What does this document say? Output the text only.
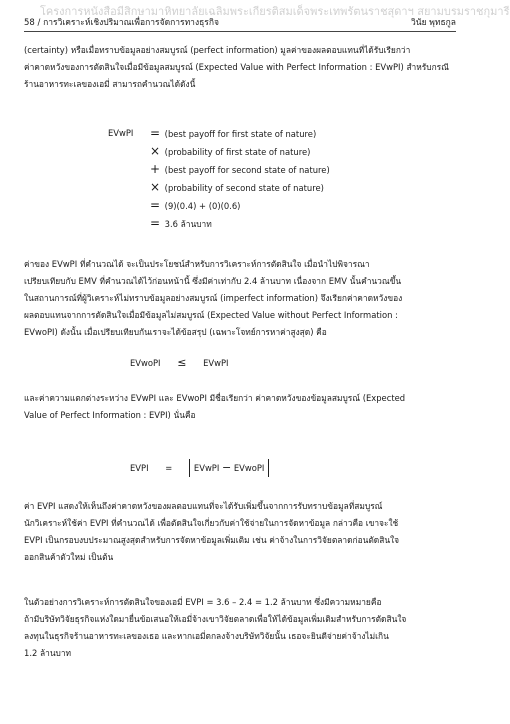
โครงการหนังสือมีสิกษามาหิทยาลัยเฉลิมพระเกียรติสมเด็จพระเทพรัตนราชสุดาฯ สยามบรมราชกุมารี
58 / การวิเคราะห์เชิงปริมาณเพื่อการจัดการทางธุรกิจ	วินัย พุทธกูล
(certainty) หรือเมื่อทราบข้อมูลอย่างสมบูรณ์ (perfect information) มูลค่าของผลตอบแทนที่ได้รับเรียกว่า
ค่าคาดหวังของการตัดสินใจเมื่อมีข้อมูลสมบูรณ์ (Expected Value with Perfect Information : EVwPI) สำหรับกรณี
ร้านอาหารทะเลของเอมี่ สามารถคำนวณได้ดังนี้
EVwPI = (best payoff for first state of nature)
× (probability of first state of nature)
+ (best payoff for second state of nature)
× (probability of second state of nature)
= (9)(0.4) + (0)(0.6)
= 3.6 ล้านบาท
ค่าของ EVwPI ที่คำนวณได้ จะเป็นประโยชน์สำหรับการวิเคราะห์การตัดสินใจ เมื่อนำไปพิจารณา
เปรียบเทียบกับ EMV ที่คำนวณได้ไว้ก่อนหน้านี้ ซึ่งมีค่าเท่ากับ 2.4 ล้านบาท เนื่องจาก EMV นั้นคำนวณขึ้น
ในสถานการณ์ที่ผู้วิเคราะห์ไม่ทราบข้อมูลอย่างสมบูรณ์ (imperfect information) จึงเรียกค่าคาดหวังของ
ผลตอบแทนจากการตัดสินใจเมื่อมีข้อมูลไม่สมบูรณ์ (Expected Value without Perfect Information :
EVwoPI) ดังนั้น เมื่อเปรียบเทียบกันเราจะได้ข้อสรุป (เฉพาะโจทย์การหาค่าสูงสุด) คือ
EVwoPI ≤ EVwPI
และค่าความแตกต่างระหว่าง EVwPI และ EVwoPI มีชื่อเรียกว่า ค่าคาดหวังของข้อมูลสมบูรณ์ (Expected
Value of Perfect Information : EVPI) นั่นคือ
EVPI =	EVwPI − EVwoPI
ค่า EVPI แสดงให้เห็นถึงค่าคาดหวังของผลตอบแทนที่จะได้รับเพิ่มขึ้นจากการรับทราบข้อมูลที่สมบูรณ์
นักวิเคราะห์ใช้ค่า EVPI ที่คำนวณได้ เพื่อตัดสินใจเกี่ยวกับค่าใช้จ่ายในการจัดหาข้อมูล กล่าวคือ เขาจะใช้
EVPI เป็นกรอบงบประมาณสูงสุดสำหรับการจัดหาข้อมูลเพิ่มเติม เช่น ค่าจ้างในการวิจัยตลาดก่อนตัดสินใจ
ออกสินค้าตัวใหม่ เป็นต้น
ในตัวอย่างการวิเคราะห์การตัดสินใจของเอมี่ EVPI = 3.6 – 2.4 = 1.2 ล้านบาท ซึ่งมีความหมายคือ
ถ้ามีบริษัทวิจัยธุรกิจแห่งใดมายื่นข้อเสนอให้เอมี่จ้างเขาวิจัยตลาดเพื่อให้ได้ข้อมูลเพิ่มเติมสำหรับการตัดสินใจ
ลงทุนในธุรกิจร้านอาหารทะเลของเธอ และหากเอมี่ตกลงจ้างบริษัทวิจัยนั้น เธอจะยินดีจ่ายค่าจ้างไม่เกิน
1.2 ล้านบาท
